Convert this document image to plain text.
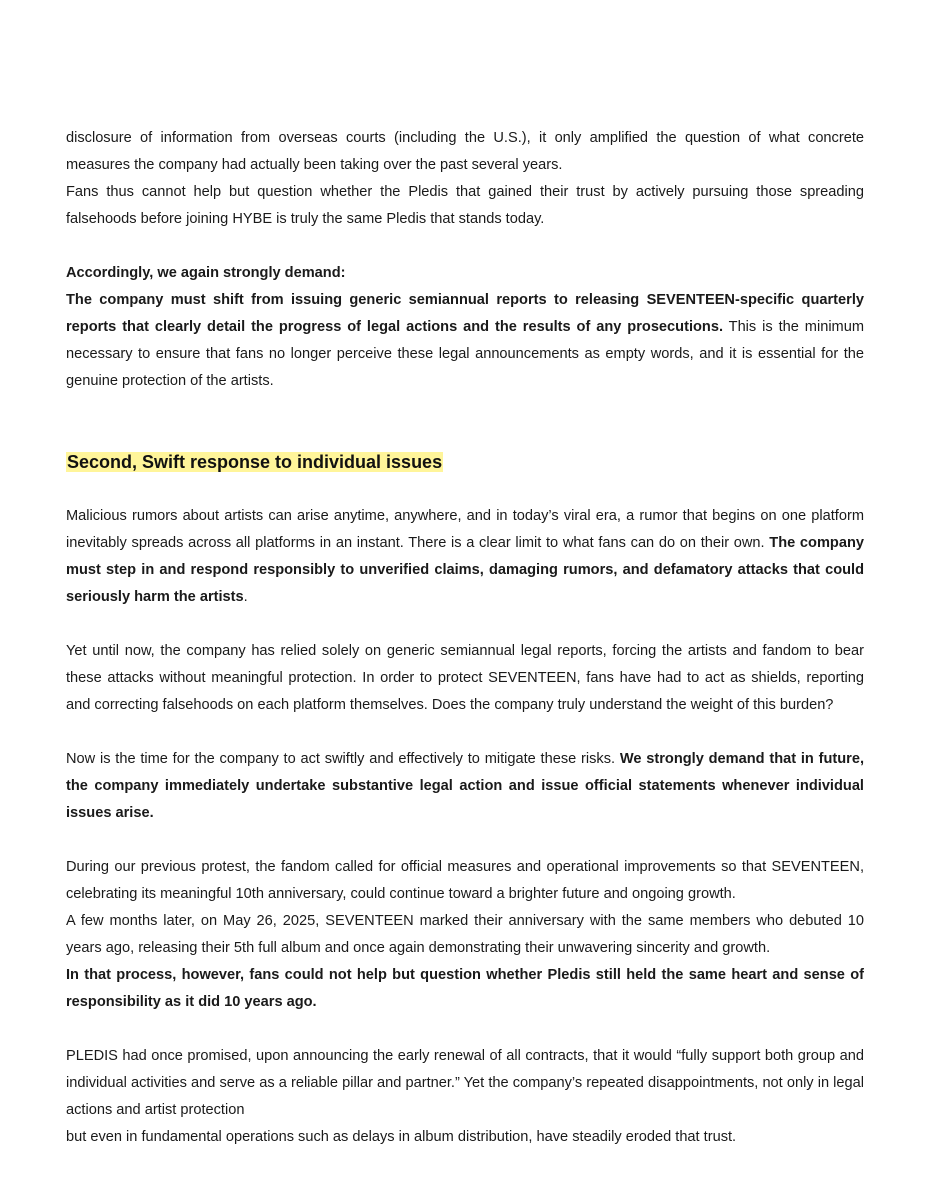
disclosure of information from overseas courts (including the U.S.), it only amplified the question of what concrete measures the company had actually been taking over the past several years.

Fans thus cannot help but question whether the Pledis that gained their trust by actively pursuing those spreading falsehoods before joining HYBE is truly the same Pledis that stands today.

Accordingly, we again strongly demand:

The company must shift from issuing generic semiannual reports to releasing SEVENTEEN-specific quarterly reports that clearly detail the progress of legal actions and the results of any prosecutions. This is the minimum necessary to ensure that fans no longer perceive these legal announcements as empty words, and it is essential for the genuine protection of the artists.

Second, Swift response to individual issues

Malicious rumors about artists can arise anytime, anywhere, and in today’s viral era, a rumor that begins on one platform inevitably spreads across all platforms in an instant. There is a clear limit to what fans can do on their own. The company must step in and respond responsibly to unverified claims, damaging rumors, and defamatory attacks that could seriously harm the artists.

Yet until now, the company has relied solely on generic semiannual legal reports, forcing the artists and fandom to bear these attacks without meaningful protection. In order to protect SEVENTEEN, fans have had to act as shields, reporting and correcting falsehoods on each platform themselves. Does the company truly understand the weight of this burden?

Now is the time for the company to act swiftly and effectively to mitigate these risks. We strongly demand that in future, the company immediately undertake substantive legal action and issue official statements whenever individual issues arise.

During our previous protest, the fandom called for official measures and operational improvements so that SEVENTEEN, celebrating its meaningful 10th anniversary, could continue toward a brighter future and ongoing growth.

A few months later, on May 26, 2025, SEVENTEEN marked their anniversary with the same members who debuted 10 years ago, releasing their 5th full album and once again demonstrating their unwavering sincerity and growth.

In that process, however, fans could not help but question whether Pledis still held the same heart and sense of responsibility as it did 10 years ago.

PLEDIS had once promised, upon announcing the early renewal of all contracts, that it would “fully support both group and individual activities and serve as a reliable pillar and partner.” Yet the company’s repeated disappointments, not only in legal actions and artist protection

but even in fundamental operations such as delays in album distribution, have steadily eroded that trust.
